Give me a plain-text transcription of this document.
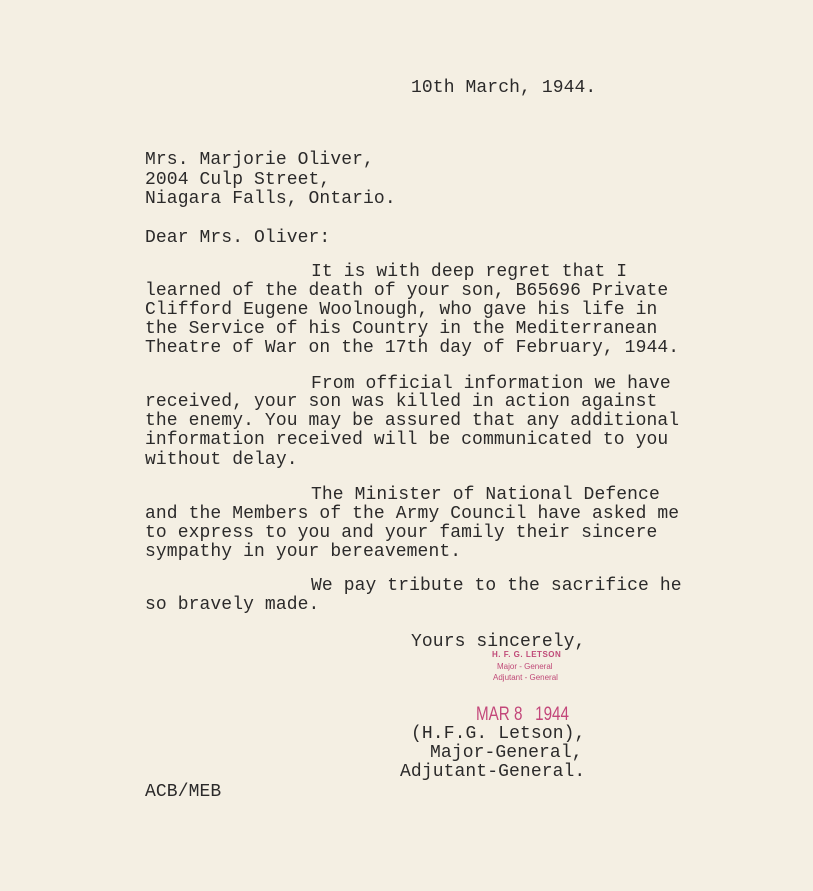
10th March, 1944.
Mrs. Marjorie Oliver,
2004 Culp Street,
Niagara Falls, Ontario.
Dear Mrs. Oliver:
It is with deep regret that I
learned of the death of your son, B65696 Private
Clifford Eugene Woolnough, who gave his life in
the Service of his Country in the Mediterranean
Theatre of War on the 17th day of February, 1944.
From official information we have
received, your son was killed in action against
the enemy. You may be assured that any additional
information received will be communicated to you
without delay.
The Minister of National Defence
and the Members of the Army Council have asked me
to express to you and your family their sincere
sympathy in your bereavement.
We pay tribute to the sacrifice he
so bravely made.
Yours sincerely,
H. F. G. LETSON
Major - General
Adjutant - General
MAR 8   1944
(H.F.G. Letson),
Major-General,
Adjutant-General.
ACB/MEB
